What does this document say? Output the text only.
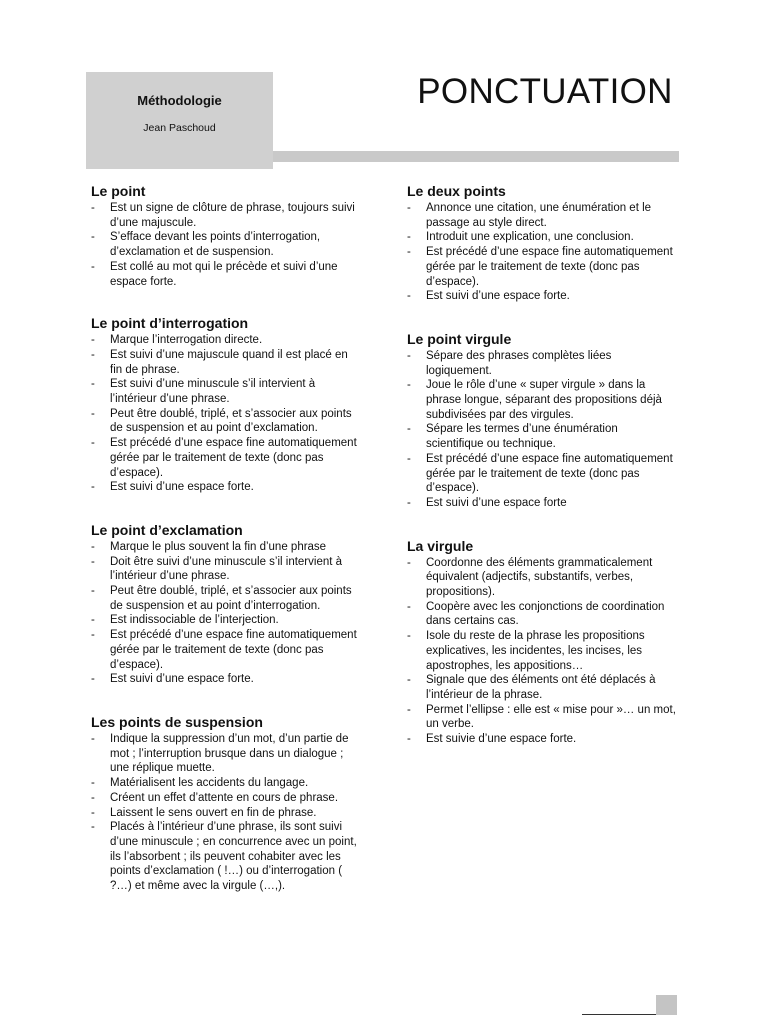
Méthodologie

Jean Paschoud

PONCTUATION
Le point
- Est un signe de clôture de phrase, toujours suivi d’une majuscule.
- S’efface devant les points d’interrogation, d’exclamation et de suspension.
- Est collé au mot qui le précède et suivi d’une espace forte.
Le point d’interrogation
- Marque l’interrogation directe.
- Est suivi d’une majuscule quand il est placé en fin de phrase.
- Est suivi d’une minuscule s’il intervient à l’intérieur d’une phrase.
- Peut être doublé, triplé, et s’associer aux points de suspension et au point d’exclamation.
- Est précédé d’une espace fine automatiquement gérée par le traitement de texte (donc pas d’espace).
- Est suivi d’une espace forte.
Le point d’exclamation
- Marque le plus souvent la fin d’une phrase
- Doit être suivi d’une minuscule s’il intervient à l’intérieur d’une phrase.
- Peut être doublé, triplé, et s’associer aux points de suspension et au point d’interrogation.
- Est indissociable de l’interjection.
- Est précédé d’une espace fine automatiquement gérée par le traitement de texte (donc pas d’espace).
- Est suivi d’une espace forte.
Les points de suspension
- Indique la suppression d’un mot, d’un partie de mot ; l’interruption brusque dans un dialogue ; une réplique muette.
- Matérialisent les accidents du langage.
- Créent un effet d’attente en cours de phrase.
- Laissent le sens ouvert en fin de phrase.
- Placés à l’intérieur d’une phrase, ils sont suivi d’une minuscule ; en concurrence avec un point, ils l’absorbent ; ils peuvent cohabiter avec les points d’exclamation ( !…) ou d’interrogation ( ?…) et même avec la virgule (…,).
Le deux points
- Annonce une citation, une énumération et le passage au style direct.
- Introduit une explication, une conclusion.
- Est précédé d’une espace fine automatiquement gérée par le traitement de texte (donc pas d’espace).
- Est suivi d’une espace forte.
Le point virgule
- Sépare des phrases complètes liées logiquement.
- Joue le rôle d’une « super virgule » dans la phrase longue, séparant des propositions déjà subdivisées par des virgules.
- Sépare les termes d’une énumération scientifique ou technique.
- Est précédé d’une espace fine automatiquement gérée par le traitement de texte (donc pas d’espace).
- Est suivi d’une espace forte
La virgule
- Coordonne des éléments grammaticalement équivalent (adjectifs, substantifs, verbes, propositions).
- Coopère avec les conjonctions de coordination dans certains cas.
- Isole du reste de la phrase les propositions explicatives, les incidentes, les incises, les apostrophes, les appositions…
- Signale que des éléments ont été déplacés à l’intérieur de la phrase.
- Permet l’ellipse : elle est « mise pour »… un mot, un verbe.
- Est suivie d’une espace forte.
